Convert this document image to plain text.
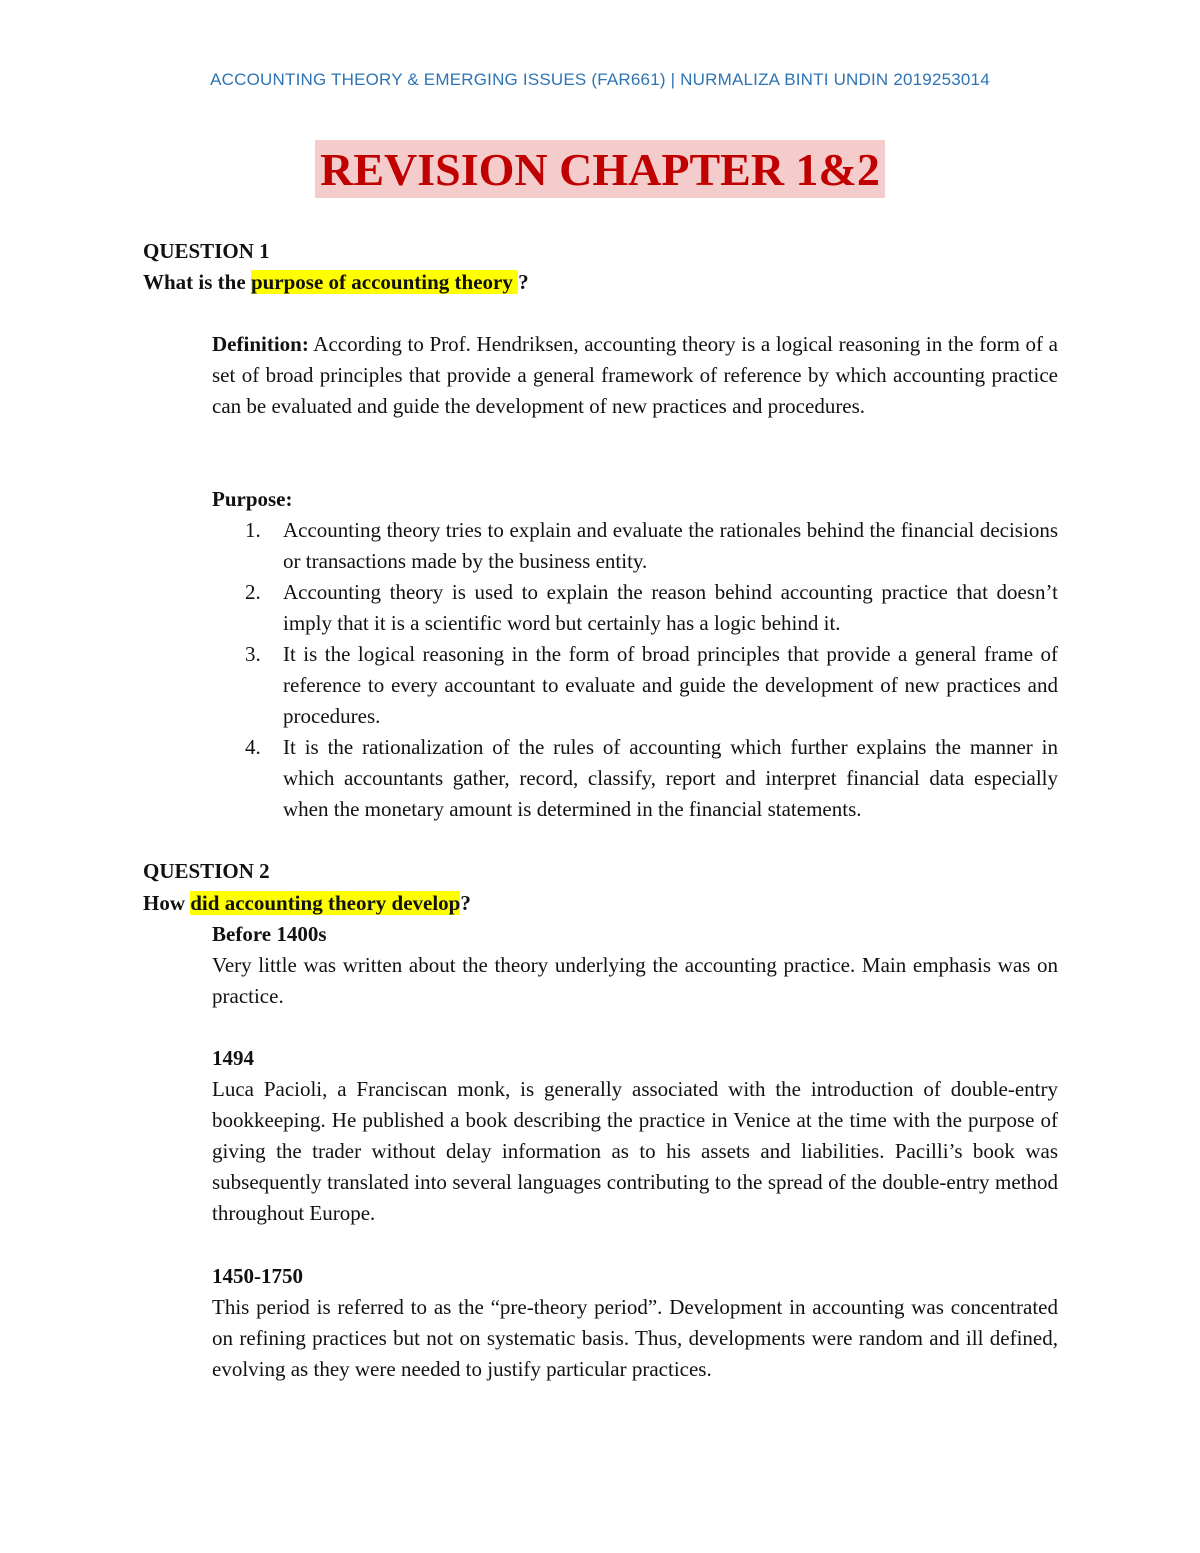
ACCOUNTING THEORY & EMERGING ISSUES (FAR661) | NURMALIZA BINTI UNDIN 2019253014
REVISION CHAPTER 1&2
QUESTION 1
What is the purpose of accounting theory ?

Definition: According to Prof. Hendriksen, accounting theory is a logical reasoning in the form of a set of broad principles that provide a general framework of reference by which accounting practice can be evaluated and guide the development of new practices and procedures.

Purpose:
1. Accounting theory tries to explain and evaluate the rationales behind the financial decisions or transactions made by the business entity.
2. Accounting theory is used to explain the reason behind accounting practice that doesn’t imply that it is a scientific word but certainly has a logic behind it.
3. It is the logical reasoning in the form of broad principles that provide a general frame of reference to every accountant to evaluate and guide the development of new practices and procedures.
4. It is the rationalization of the rules of accounting which further explains the manner in which accountants gather, record, classify, report and interpret financial data especially when the monetary amount is determined in the financial statements.
QUESTION 2
How did accounting theory develop?
Before 1400s

Very little was written about the theory underlying the accounting practice. Main emphasis was on practice.

1494

Luca Pacioli, a Franciscan monk, is generally associated with the introduction of double-entry bookkeeping. He published a book describing the practice in Venice at the time with the purpose of giving the trader without delay information as to his assets and liabilities. Pacilli’s book was subsequently translated into several languages contributing to the spread of the double-entry method throughout Europe.

1450-1750

This period is referred to as the “pre-theory period”. Development in accounting was concentrated on refining practices but not on systematic basis. Thus, developments were random and ill defined, evolving as they were needed to justify particular practices.
